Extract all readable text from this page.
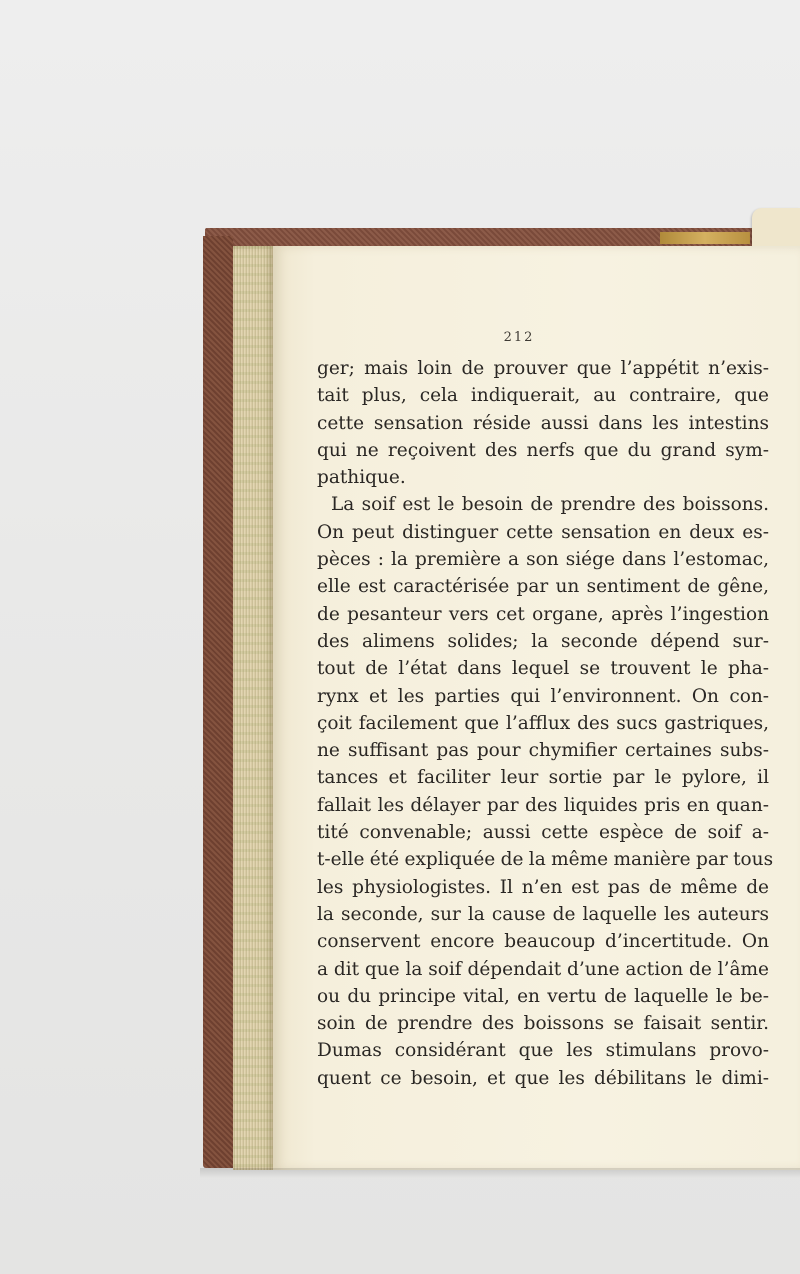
212
ger; mais loin de prouver que l’appétit n’exis-
tait plus, cela indiquerait, au contraire, que
cette sensation réside aussi dans les intestins
qui ne reçoivent des nerfs que du grand sym-
pathique.
La soif est le besoin de prendre des boissons.
On peut distinguer cette sensation en deux es-
pèces : la première a son siége dans l’estomac,
elle est caractérisée par un sentiment de gêne,
de pesanteur vers cet organe, après l’ingestion
des alimens solides; la seconde dépend sur-
tout de l’état dans lequel se trouvent le pha-
rynx et les parties qui l’environnent. On con-
çoit facilement que l’afflux des sucs gastriques,
ne suffisant pas pour chymifier certaines subs-
tances et faciliter leur sortie par le pylore, il
fallait les délayer par des liquides pris en quan-
tité convenable; aussi cette espèce de soif a-
t-elle été expliquée de la même manière par tous
les physiologistes. Il n’en est pas de même de
la seconde, sur la cause de laquelle les auteurs
conservent encore beaucoup d’incertitude. On
a dit que la soif dépendait d’une action de l’âme
ou du principe vital, en vertu de laquelle le be-
soin de prendre des boissons se faisait sentir.
Dumas considérant que les stimulans provo-
quent ce besoin, et que les débilitans le dimi-
